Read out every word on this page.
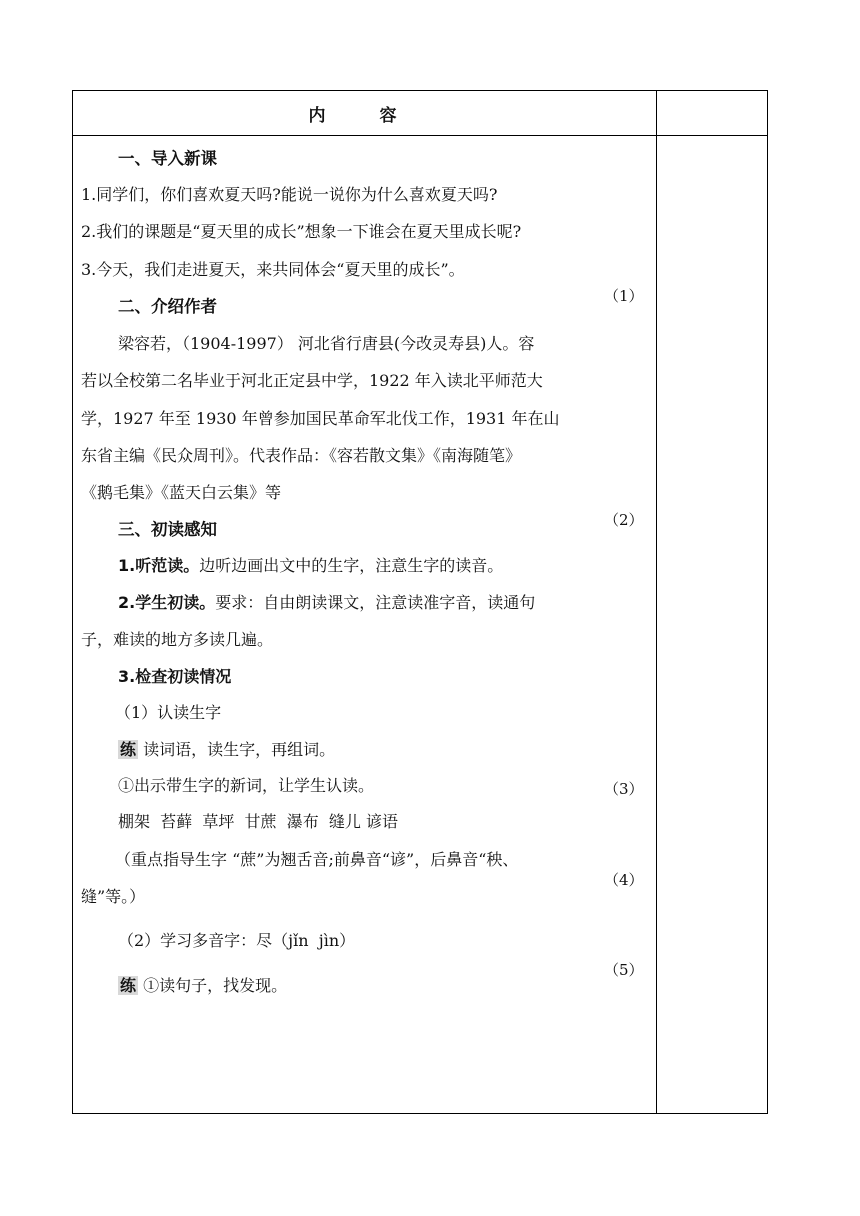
内 容
一、导入新课
1.同学们，你们喜欢夏天吗?能说一说你为什么喜欢夏天吗?
2.我们的课题是“夏天里的成长”想象一下谁会在夏天里成长呢?
3.今天，我们走进夏天，来共同体会“夏天里的成长”。
二、介绍作者
梁容若，（1904-1997） 河北省行唐县(今改灵寿县)人。容
若以全校第二名毕业于河北正定县中学，1922 年入读北平师范大
学，1927 年至 1930 年曾参加国民革命军北伐工作，1931 年在山
东省主编《民众周刊》。代表作品：《容若散文集》《南海随笔》
《鹅毛集》《蓝天白云集》等
三、初读感知
1.听范读。边听边画出文中的生字，注意生字的读音。
2.学生初读。要求：自由朗读课文，注意读准字音，读通句
子，难读的地方多读几遍。
3.检查初读情况
（1）认读生字
练 读词语，读生字，再组词。
①出示带生字的新词，让学生认读。
棚架  苔藓  草坪  甘蔗  瀑布  缝儿 谚语
（重点指导生字 “蔗”为翘舌音;前鼻音“谚”，后鼻音“秧、
缝”等。）
（2）学习多音字：尽（jǐn  jìn）
练 ①读句子，找发现。
（1）
（2）
（3）
（4）
（5）
